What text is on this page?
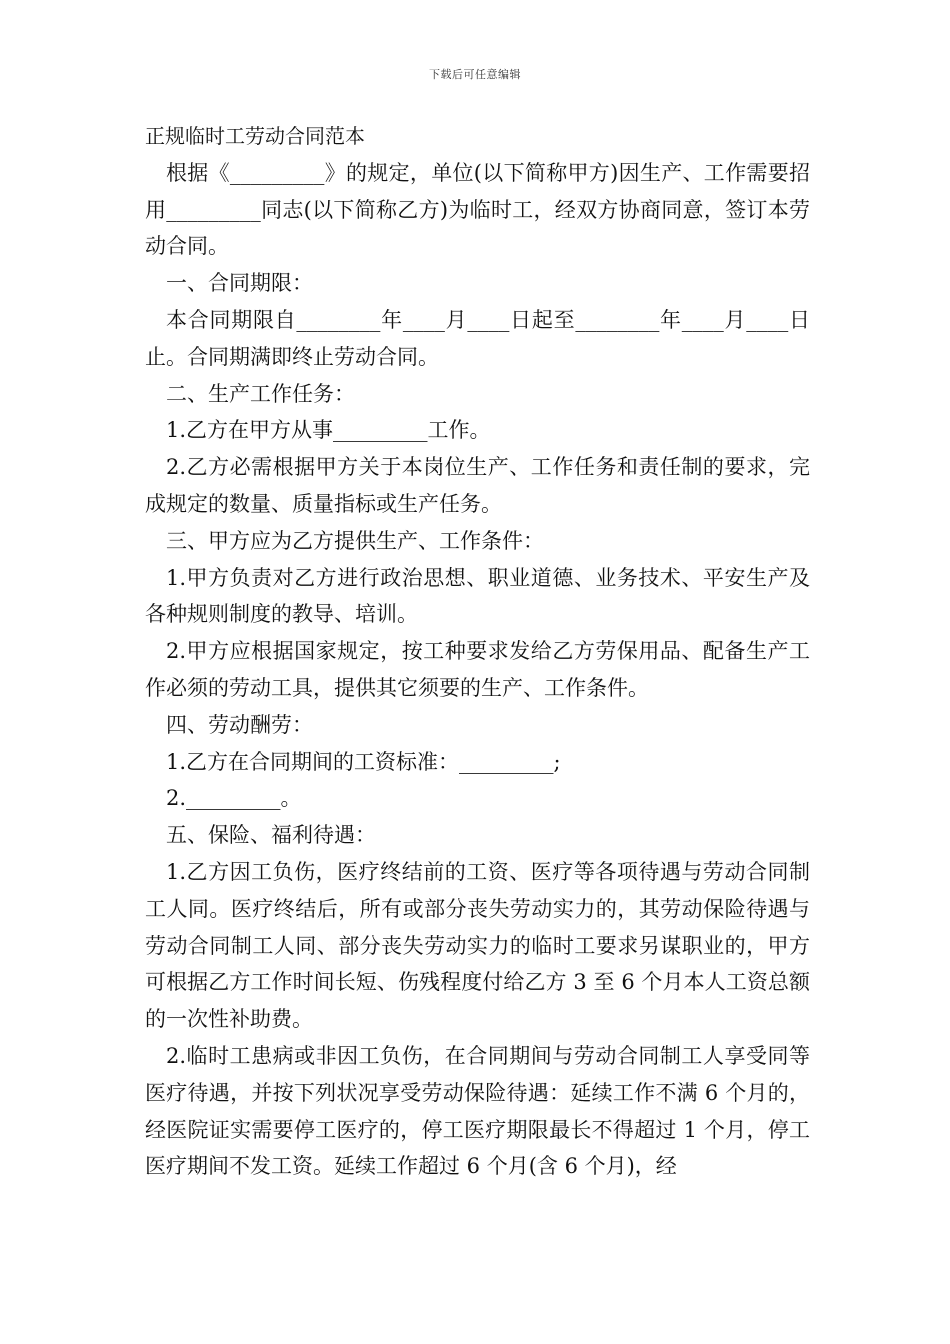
下载后可任意编辑
正规临时工劳动合同范本

根据《_________》的规定，单位(以下简称甲方)因生产、工作需要招用_________同志(以下简称乙方)为临时工，经双方协商同意，签订本劳动合同。

一、合同期限：

本合同期限自________年____月____日起至________年____月____日止。合同期满即终止劳动合同。

二、生产工作任务：

1.乙方在甲方从事_________工作。

2.乙方必需根据甲方关于本岗位生产、工作任务和责任制的要求，完成规定的数量、质量指标或生产任务。

三、甲方应为乙方提供生产、工作条件：

1.甲方负责对乙方进行政治思想、职业道德、业务技术、平安生产及各种规则制度的教导、培训。

2.甲方应根据国家规定，按工种要求发给乙方劳保用品、配备生产工作必须的劳动工具，提供其它须要的生产、工作条件。

四、劳动酬劳：

1.乙方在合同期间的工资标准：_________;

2._________。

五、保险、福利待遇：

1.乙方因工负伤，医疗终结前的工资、医疗等各项待遇与劳动合同制工人同。医疗终结后，所有或部分丧失劳动实力的，其劳动保险待遇与劳动合同制工人同、部分丧失劳动实力的临时工要求另谋职业的，甲方可根据乙方工作时间长短、伤残程度付给乙方 3 至 6 个月本人工资总额的一次性补助费。

2.临时工患病或非因工负伤，在合同期间与劳动合同制工人享受同等医疗待遇，并按下列状况享受劳动保险待遇：延续工作不满 6 个月的，经医院证实需要停工医疗的，停工医疗期限最长不得超过 1 个月，停工医疗期间不发工资。延续工作超过 6 个月(含 6 个月)，经
